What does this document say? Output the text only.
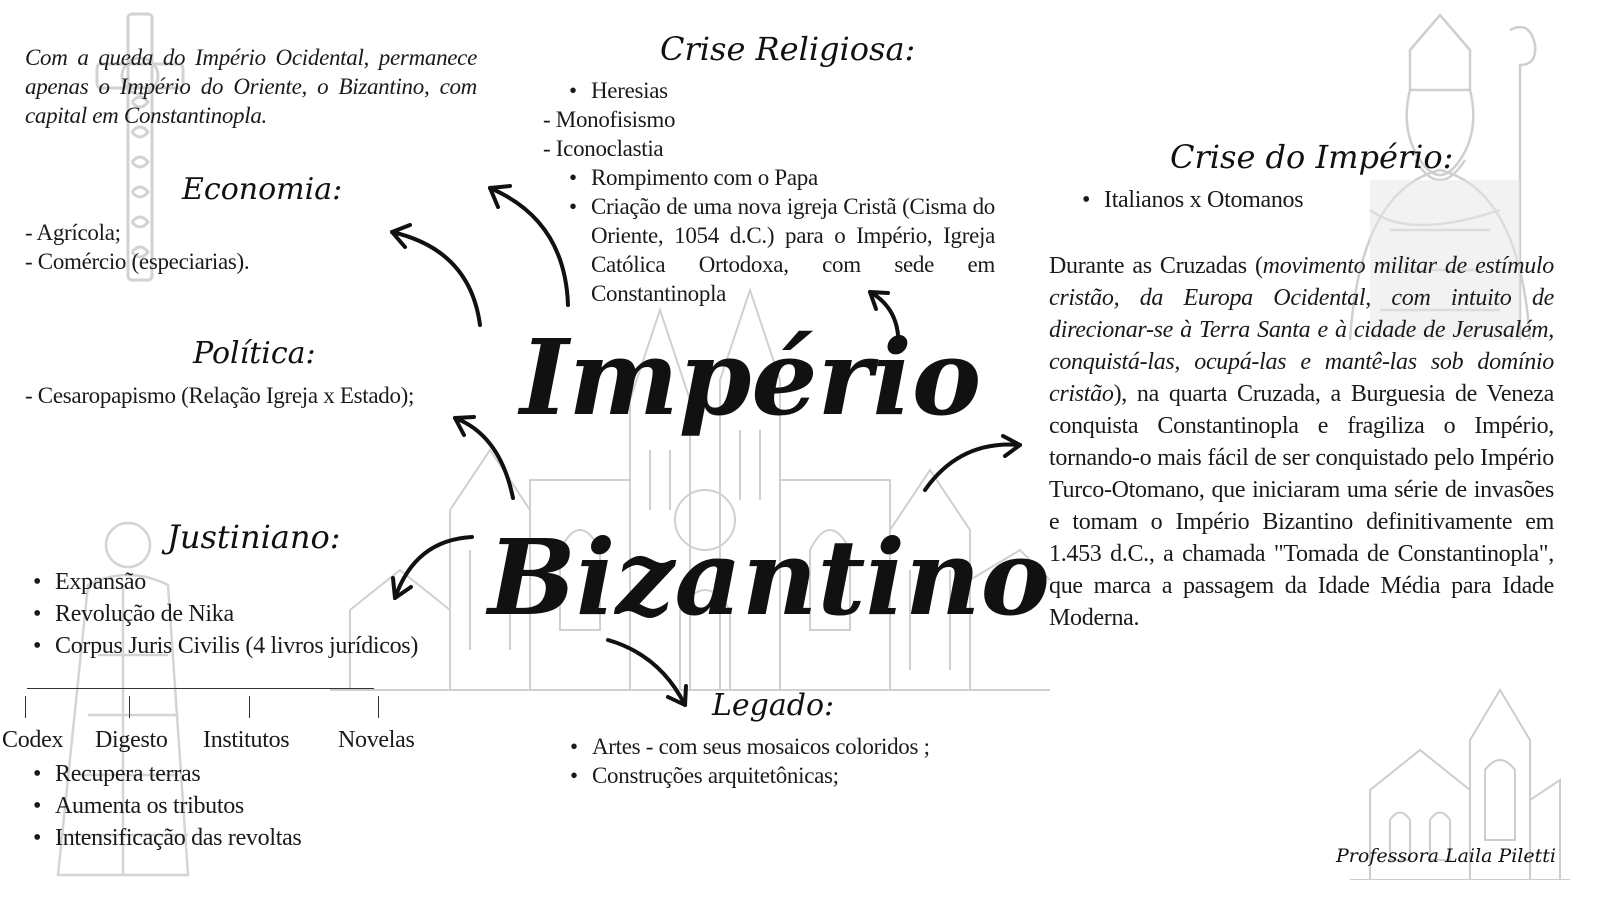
Império
Bizantino
Com a queda do Império Ocidental, permanece apenas o Império do Oriente, o Bizantino, com capital em Constantinopla.
Economia:
- Agrícola;
- Comércio (especiarias).
Política:
- Cesaropapismo (Relação Igreja x Estado);
Justiniano:
• Expansão
• Revolução de Nika
• Corpus Juris Civilis (4 livros jurídicos)
Codex Digesto Institutos Novelas
• Recupera terras
• Aumenta os tributos
• Intensificação das revoltas
Crise Religiosa:
• Heresias
- Monofisismo
- Iconoclastia
• Rompimento com o Papa
• Criação de uma nova igreja Cristã (Cisma do Oriente, 1054 d.C.) para o Império, Igreja Católica Ortodoxa, com sede em Constantinopla
Legado:
• Artes - com seus mosaicos coloridos ;
• Construções arquitetônicas;
Crise do Império:
• Italianos x Otomanos
Durante as Cruzadas (movimento militar de estímulo cristão, da Europa Ocidental, com intuito de direcionar-se à Terra Santa e à cidade de Jerusalém, conquistá-las, ocupá-las e mantê-las sob domínio cristão), na quarta Cruzada, a Burguesia de Veneza conquista Constantinopla e fragiliza o Império, tornando-o mais fácil de ser conquistado pelo Império Turco-Otomano, que iniciaram uma série de invasões e tomam o Império Bizantino definitivamente em 1.453 d.C., a chamada "Tomada de Constantinopla", que marca a passagem da Idade Média para Idade Moderna.
Professora Laila Piletti
